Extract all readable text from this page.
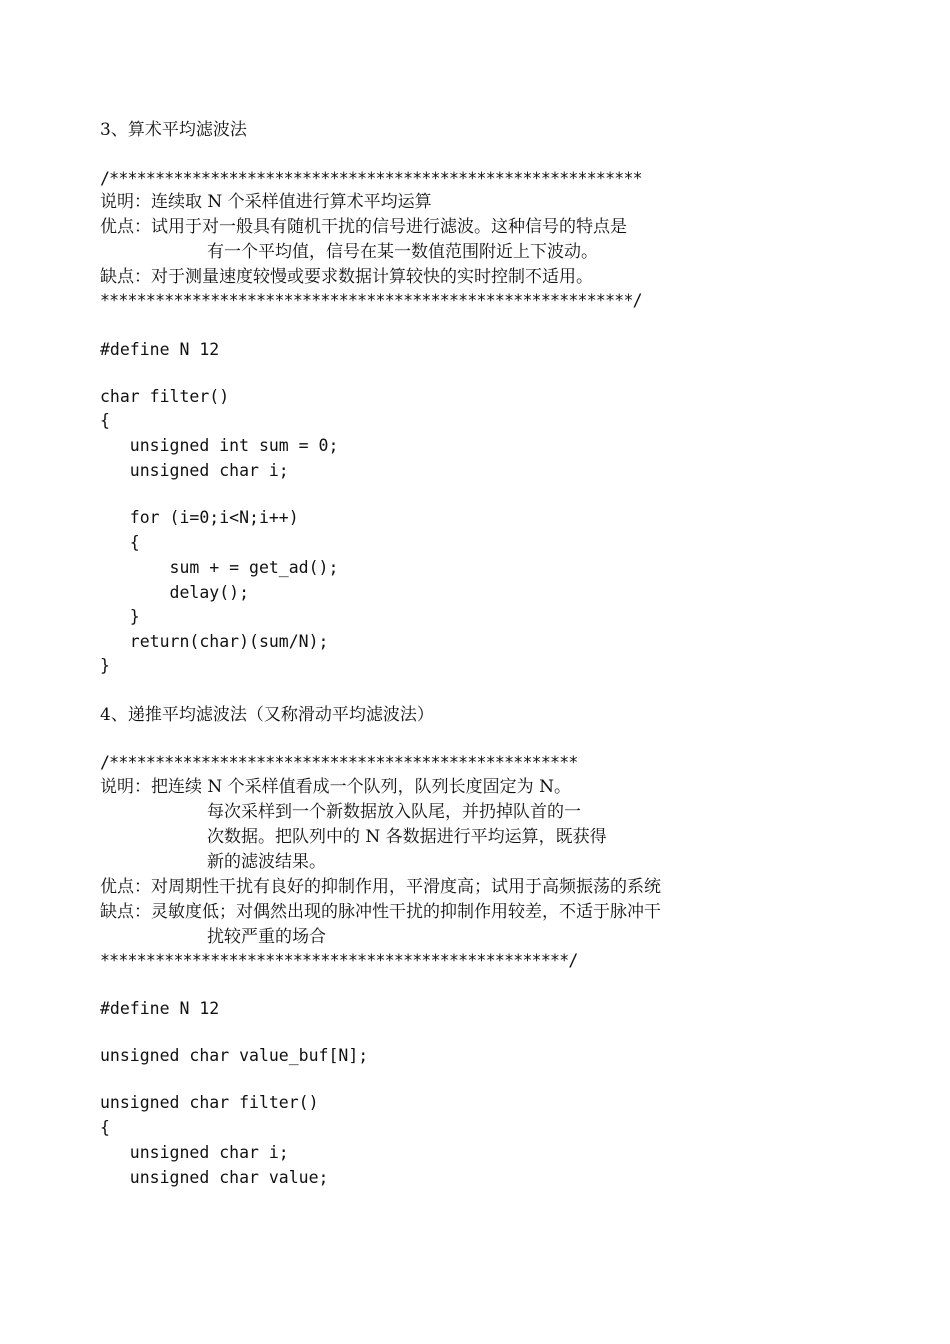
3、算术平均滤波法
/**********************************************************
说明：连续取 N 个采样值进行算术平均运算
优点：试用于对一般具有随机干扰的信号进行滤波。这种信号的特点是
有一个平均值，信号在某一数值范围附近上下波动。
缺点：对于测量速度较慢或要求数据计算较快的实时控制不适用。
**********************************************************/
#define N 12
char filter()
{
unsigned int sum = 0;
unsigned char i;
for (i=0;i<N;i++)
{
sum + = get_ad();
delay();
}
return(char)(sum/N);
}
4、递推平均滤波法（又称滑动平均滤波法）
/***************************************************
说明：把连续 N 个采样值看成一个队列，队列长度固定为 N。
每次采样到一个新数据放入队尾，并扔掉队首的一
次数据。把队列中的 N 各数据进行平均运算，既获得
新的滤波结果。
优点：对周期性干扰有良好的抑制作用，平滑度高；试用于高频振荡的系统
缺点：灵敏度低；对偶然出现的脉冲性干扰的抑制作用较差，不适于脉冲干
扰较严重的场合
***************************************************/
#define N 12
unsigned char value_buf[N];
unsigned char filter()
{
unsigned char i;
unsigned char value;
